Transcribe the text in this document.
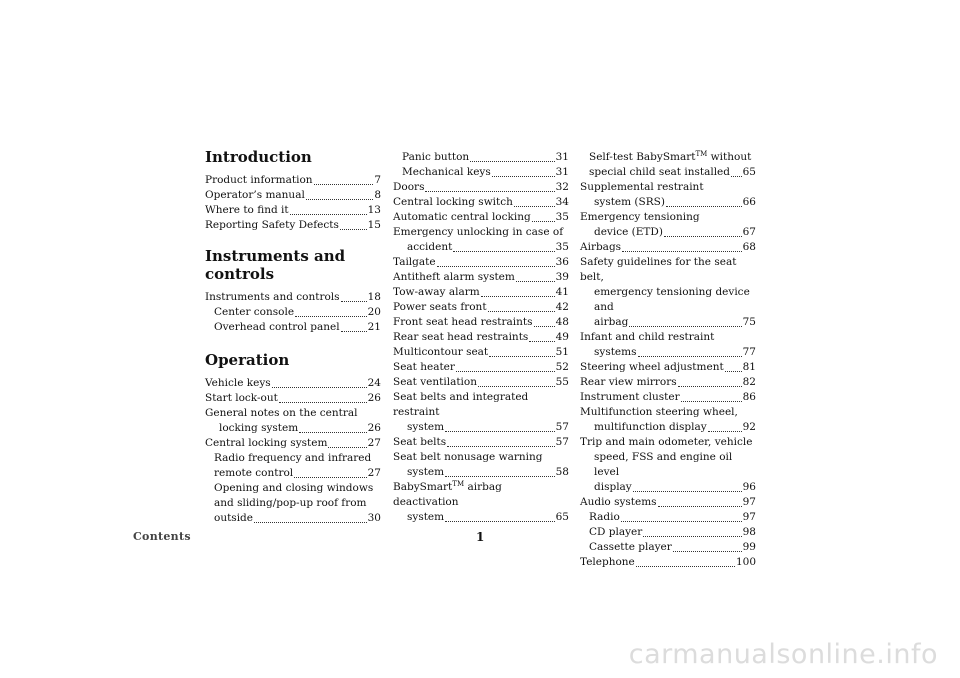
Introduction
Product information	7
Operator’s manual	8
Where to find it	13
Reporting Safety Defects	15
Instruments and controls
Instruments and controls	18
Center console	20
Overhead control panel	21
Operation
Vehicle keys	24
Start lock-out	26
General notes on the central
locking system	26
Central locking system	27
Radio frequency and infrared
remote control	27
Opening and closing windows
and sliding/pop-up roof from
outside	30
Panic button	31
Mechanical keys	31
Doors	32
Central locking switch	34
Automatic central locking 35
Emergency unlocking in case of
accident	35
Tailgate	36
Antitheft alarm system	39
Tow-away alarm	41
Power seats front	42
Front seat head restraints 48
Rear seat head restraints	49
Multicontour seat	51
Seat heater	52
Seat ventilation	55
Seat belts and integrated restraint
system	57
Seat belts	57
Seat belt nonusage warning
system	58
BabySmart™ airbag deactivation
system	65
Self-test BabySmart™ without
special child seat installed 65
Supplemental restraint
system (SRS)	66
Emergency tensioning
device (ETD)	67
Airbags	68
Safety guidelines for the seat belt,
emergency tensioning device and
airbag	75
Infant and child restraint
systems	77
Steering wheel adjustment 81
Rear view mirrors	82
Instrument cluster	86
Multifunction steering wheel,
multifunction display	92
Trip and main odometer, vehicle
speed, FSS and engine oil level
display	96
Audio systems	97
Radio	97
CD player	98
Cassette player	99
Telephone	100
Contents	1
carmanualsonline.info
